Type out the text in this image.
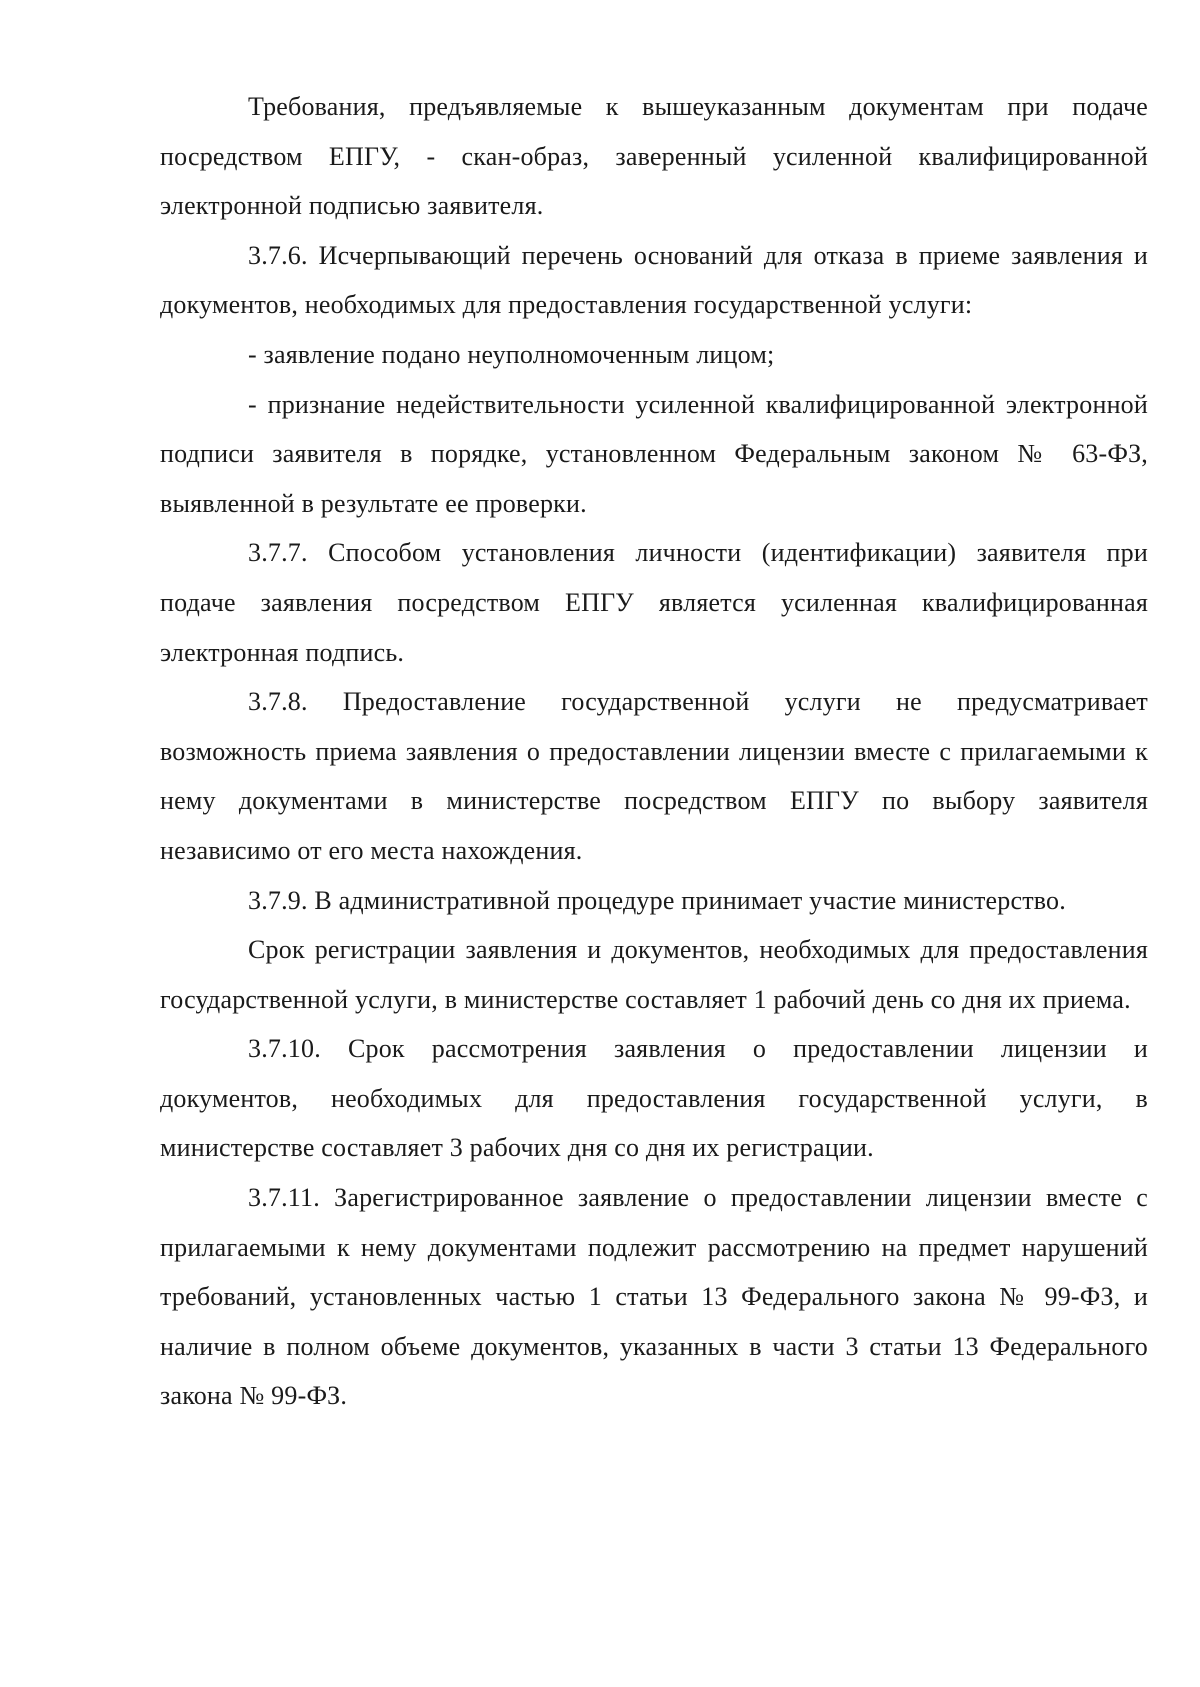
Требования, предъявляемые к вышеуказанным документам при подаче посредством ЕПГУ, - скан-образ, заверенный усиленной квалифицированной электронной подписью заявителя.

3.7.6. Исчерпывающий перечень оснований для отказа в приеме заявления и документов, необходимых для предоставления государственной услуги:

- заявление подано неуполномоченным лицом;

- признание недействительности усиленной квалифицированной электронной подписи заявителя в порядке, установленном Федеральным законом № 63-ФЗ, выявленной в результате ее проверки.

3.7.7. Способом установления личности (идентификации) заявителя при подаче заявления посредством ЕПГУ является усиленная квалифицированная электронная подпись.

3.7.8. Предоставление государственной услуги не предусматривает возможность приема заявления о предоставлении лицензии вместе с прилагаемыми к нему документами в министерстве посредством ЕПГУ по выбору заявителя независимо от его места нахождения.

3.7.9. В административной процедуре принимает участие министерство.

Срок регистрации заявления и документов, необходимых для предоставления государственной услуги, в министерстве составляет 1 рабочий день со дня их приема.

3.7.10. Срок рассмотрения заявления о предоставлении лицензии и документов, необходимых для предоставления государственной услуги, в министерстве составляет 3 рабочих дня со дня их регистрации.

3.7.11. Зарегистрированное заявление о предоставлении лицензии вместе с прилагаемыми к нему документами подлежит рассмотрению на предмет нарушений требований, установленных частью 1 статьи 13 Федерального закона № 99-ФЗ, и наличие в полном объеме документов, указанных в части 3 статьи 13 Федерального закона № 99-ФЗ.
